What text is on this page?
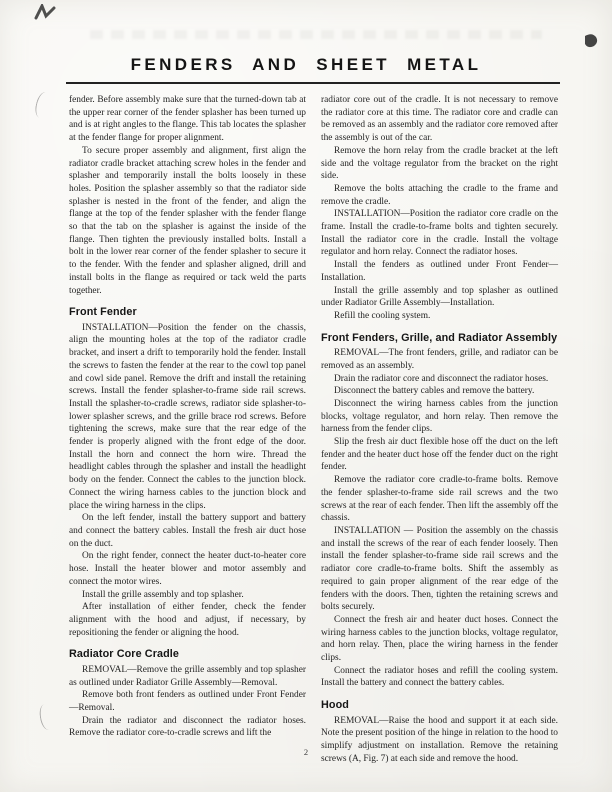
FENDERS AND SHEET METAL

fender. Before assembly make sure that the turned-down tab at the upper rear corner of the fender splasher has been turned up and is at right angles to the flange. This tab locates the splasher at the fender flange for proper alignment.

To secure proper assembly and alignment, first align the radiator cradle bracket attaching screw holes in the fender and splasher and temporarily install the bolts loosely in these holes. Position the splasher assembly so that the radiator side splasher is nested in the front of the fender, and align the flange at the top of the fender splasher with the fender flange so that the tab on the splasher is against the inside of the flange. Then tighten the previously installed bolts. Install a bolt in the lower rear corner of the fender splasher to secure it to the fender. With the fender and splasher aligned, drill and install bolts in the flange as required or tack weld the parts together.

Front Fender

INSTALLATION—Position the fender on the chassis, align the mounting holes at the top of the radiator cradle bracket, and insert a drift to temporarily hold the fender. Install the screws to fasten the fender at the rear to the cowl top panel and cowl side panel. Remove the drift and install the retaining screws. Install the fender splasher-to-frame side rail screws. Install the splasher-to-cradle screws, radiator side splasher-to-lower splasher screws, and the grille brace rod screws. Before tightening the screws, make sure that the rear edge of the fender is properly aligned with the front edge of the door. Install the horn and connect the horn wire. Thread the headlight cables through the splasher and install the headlight body on the fender. Connect the cables to the junction block. Connect the wiring harness cables to the junction block and place the wiring harness in the clips.

On the left fender, install the battery support and battery and connect the battery cables. Install the fresh air duct hose on the duct.

On the right fender, connect the heater duct-to-heater core hose. Install the heater blower and motor assembly and connect the motor wires.

Install the grille assembly and top splasher.

After installation of either fender, check the fender alignment with the hood and adjust, if necessary, by repositioning the fender or aligning the hood.

Radiator Core Cradle

REMOVAL—Remove the grille assembly and top splasher as outlined under Radiator Grille Assembly—Removal.

Remove both front fenders as outlined under Front Fender—Removal.

Drain the radiator and disconnect the radiator hoses. Remove the radiator core-to-cradle screws and lift the

radiator core out of the cradle. It is not necessary to remove the radiator core at this time. The radiator core and cradle can be removed as an assembly and the radiator core removed after the assembly is out of the car.

Remove the horn relay from the cradle bracket at the left side and the voltage regulator from the bracket on the right side.

Remove the bolts attaching the cradle to the frame and remove the cradle.

INSTALLATION—Position the radiator core cradle on the frame. Install the cradle-to-frame bolts and tighten securely. Install the radiator core in the cradle. Install the voltage regulator and horn relay. Connect the radiator hoses.

Install the fenders as outlined under Front Fender—Installation.

Install the grille assembly and top splasher as outlined under Radiator Grille Assembly—Installation.

Refill the cooling system.

Front Fenders, Grille, and Radiator Assembly

REMOVAL—The front fenders, grille, and radiator can be removed as an assembly.

Drain the radiator core and disconnect the radiator hoses.

Disconnect the battery cables and remove the battery.

Disconnect the wiring harness cables from the junction blocks, voltage regulator, and horn relay. Then remove the harness from the fender clips.

Slip the fresh air duct flexible hose off the duct on the left fender and the heater duct hose off the fender duct on the right fender.

Remove the radiator core cradle-to-frame bolts. Remove the fender splasher-to-frame side rail screws and the two screws at the rear of each fender. Then lift the assembly off the chassis.

INSTALLATION — Position the assembly on the chassis and install the screws of the rear of each fender loosely. Then install the fender splasher-to-frame side rail screws and the radiator core cradle-to-frame bolts. Shift the assembly as required to gain proper alignment of the rear edge of the fenders with the doors. Then, tighten the retaining screws and bolts securely.

Connect the fresh air and heater duct hoses. Connect the wiring harness cables to the junction blocks, voltage regulator, and horn relay. Then, place the wiring harness in the fender clips.

Connect the radiator hoses and refill the cooling system. Install the battery and connect the battery cables.

Hood

REMOVAL—Raise the hood and support it at each side. Note the present position of the hinge in relation to the hood to simplify adjustment on installation. Remove the retaining screws (A, Fig. 7) at each side and remove the hood.

2
